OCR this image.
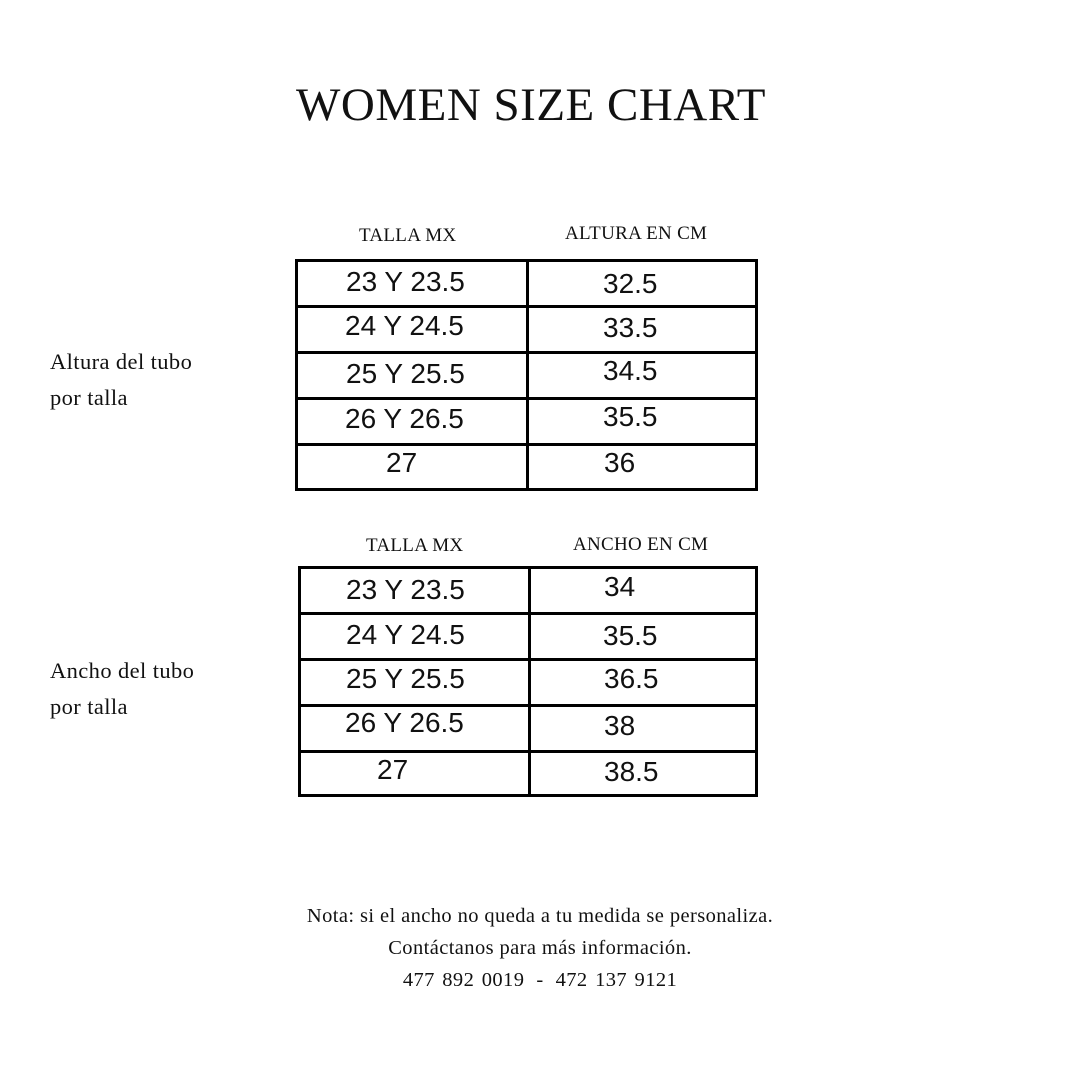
WOMEN SIZE CHART
Altura del tubo
por talla
TALLA MX	ALTURA EN CM
23 Y 23.5	32.5
24 Y 24.5	33.5
25 Y 25.5	34.5
26 Y 26.5	35.5
27	36
Ancho del tubo
por talla
TALLA MX	ANCHO EN CM
23 Y 23.5	34
24 Y 24.5	35.5
25 Y 25.5	36.5
26 Y 26.5	38
27	38.5
Nota: si el ancho no queda a tu medida se personaliza.
Contáctanos para más información.
477 892 0019 - 472 137 9121
